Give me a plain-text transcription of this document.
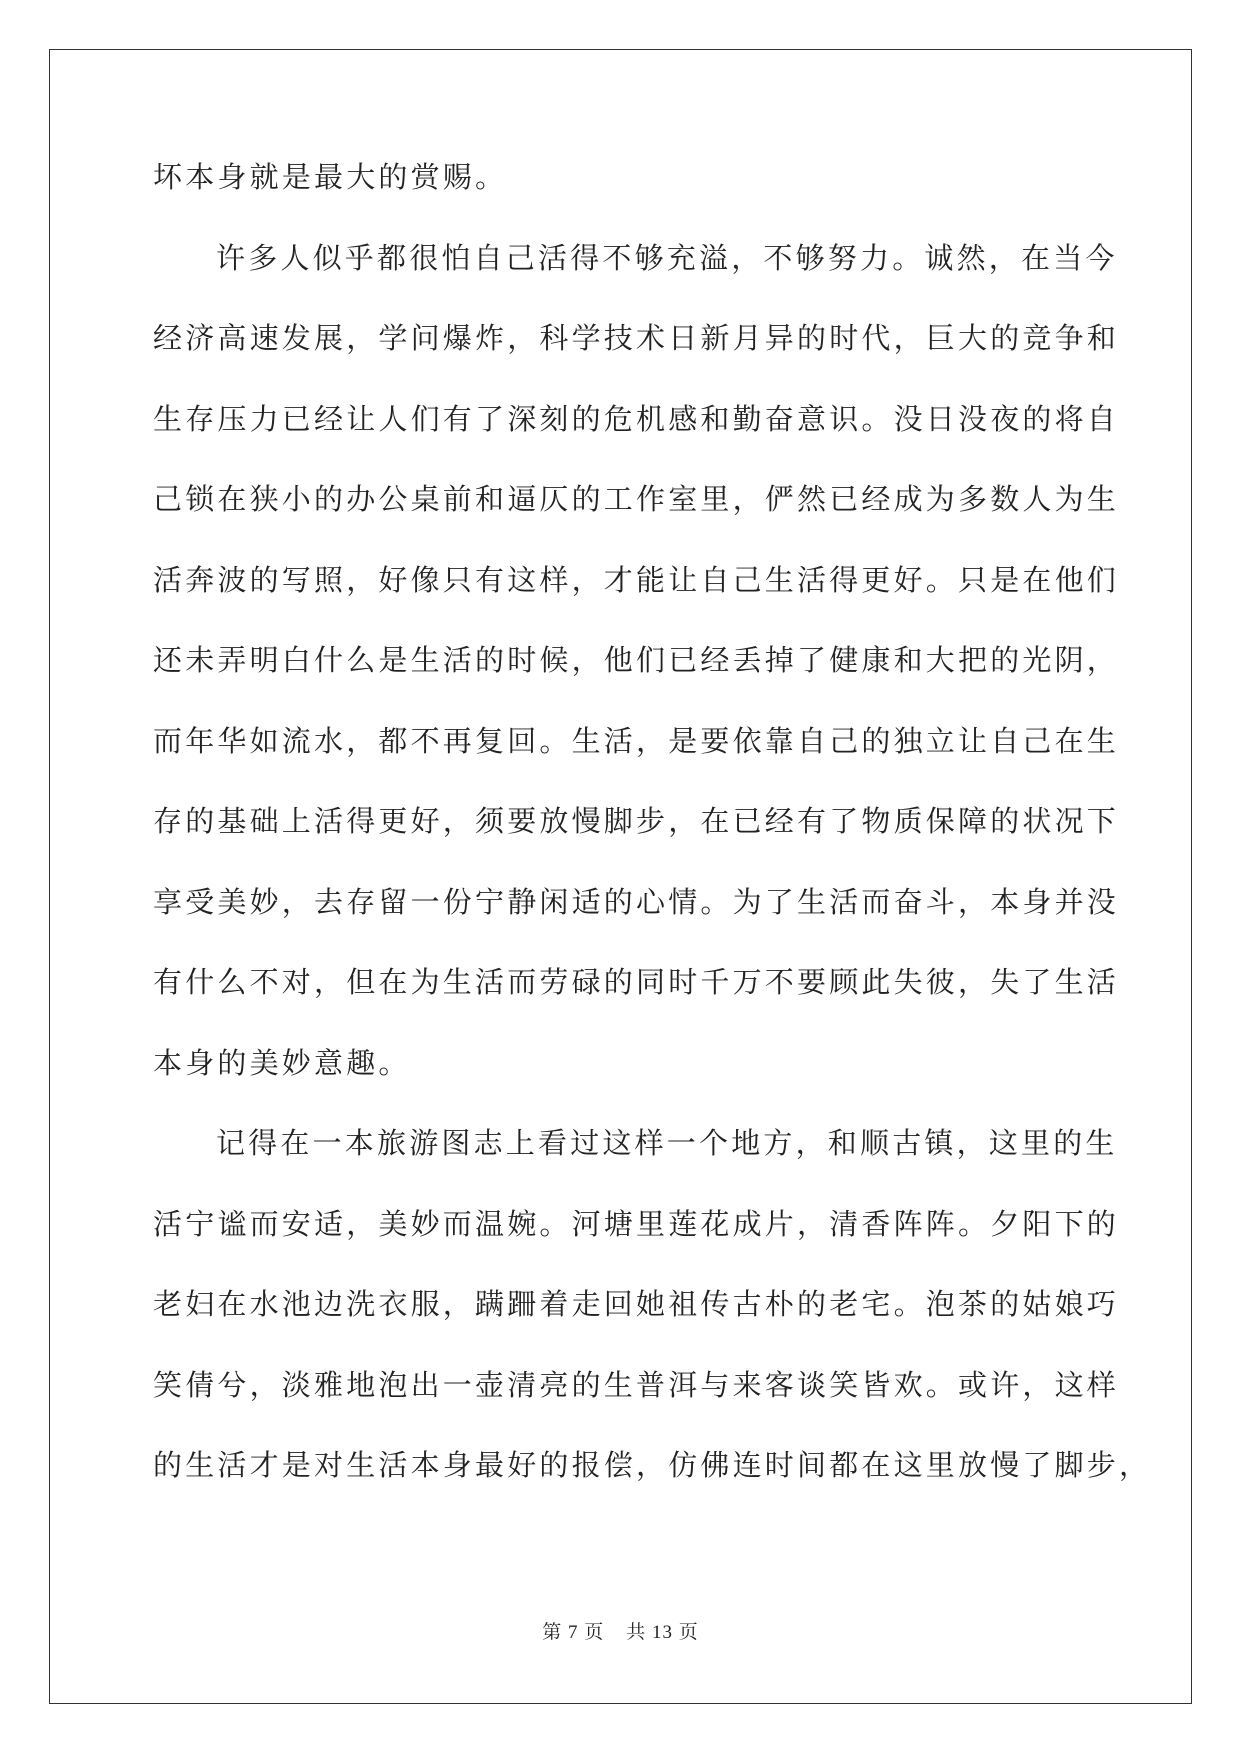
坏本身就是最大的赏赐。
许多人似乎都很怕自己活得不够充溢，不够努力。诚然，在当今
经济高速发展，学问爆炸，科学技术日新月异的时代，巨大的竞争和
生存压力已经让人们有了深刻的危机感和勤奋意识。没日没夜的将自
己锁在狭小的办公桌前和逼仄的工作室里，俨然已经成为多数人为生
活奔波的写照，好像只有这样，才能让自己生活得更好。只是在他们
还未弄明白什么是生活的时候，他们已经丢掉了健康和大把的光阴，
而年华如流水，都不再复回。生活，是要依靠自己的独立让自己在生
存的基础上活得更好，须要放慢脚步，在已经有了物质保障的状况下
享受美妙，去存留一份宁静闲适的心情。为了生活而奋斗，本身并没
有什么不对，但在为生活而劳碌的同时千万不要顾此失彼，失了生活
本身的美妙意趣。
记得在一本旅游图志上看过这样一个地方，和顺古镇，这里的生
活宁谧而安适，美妙而温婉。河塘里莲花成片，清香阵阵。夕阳下的
老妇在水池边洗衣服，蹒跚着走回她祖传古朴的老宅。泡茶的姑娘巧
笑倩兮，淡雅地泡出一壶清亮的生普洱与来客谈笑皆欢。或许，这样
的生活才是对生活本身最好的报偿，仿佛连时间都在这里放慢了脚步，
第 7 页 共 13 页
